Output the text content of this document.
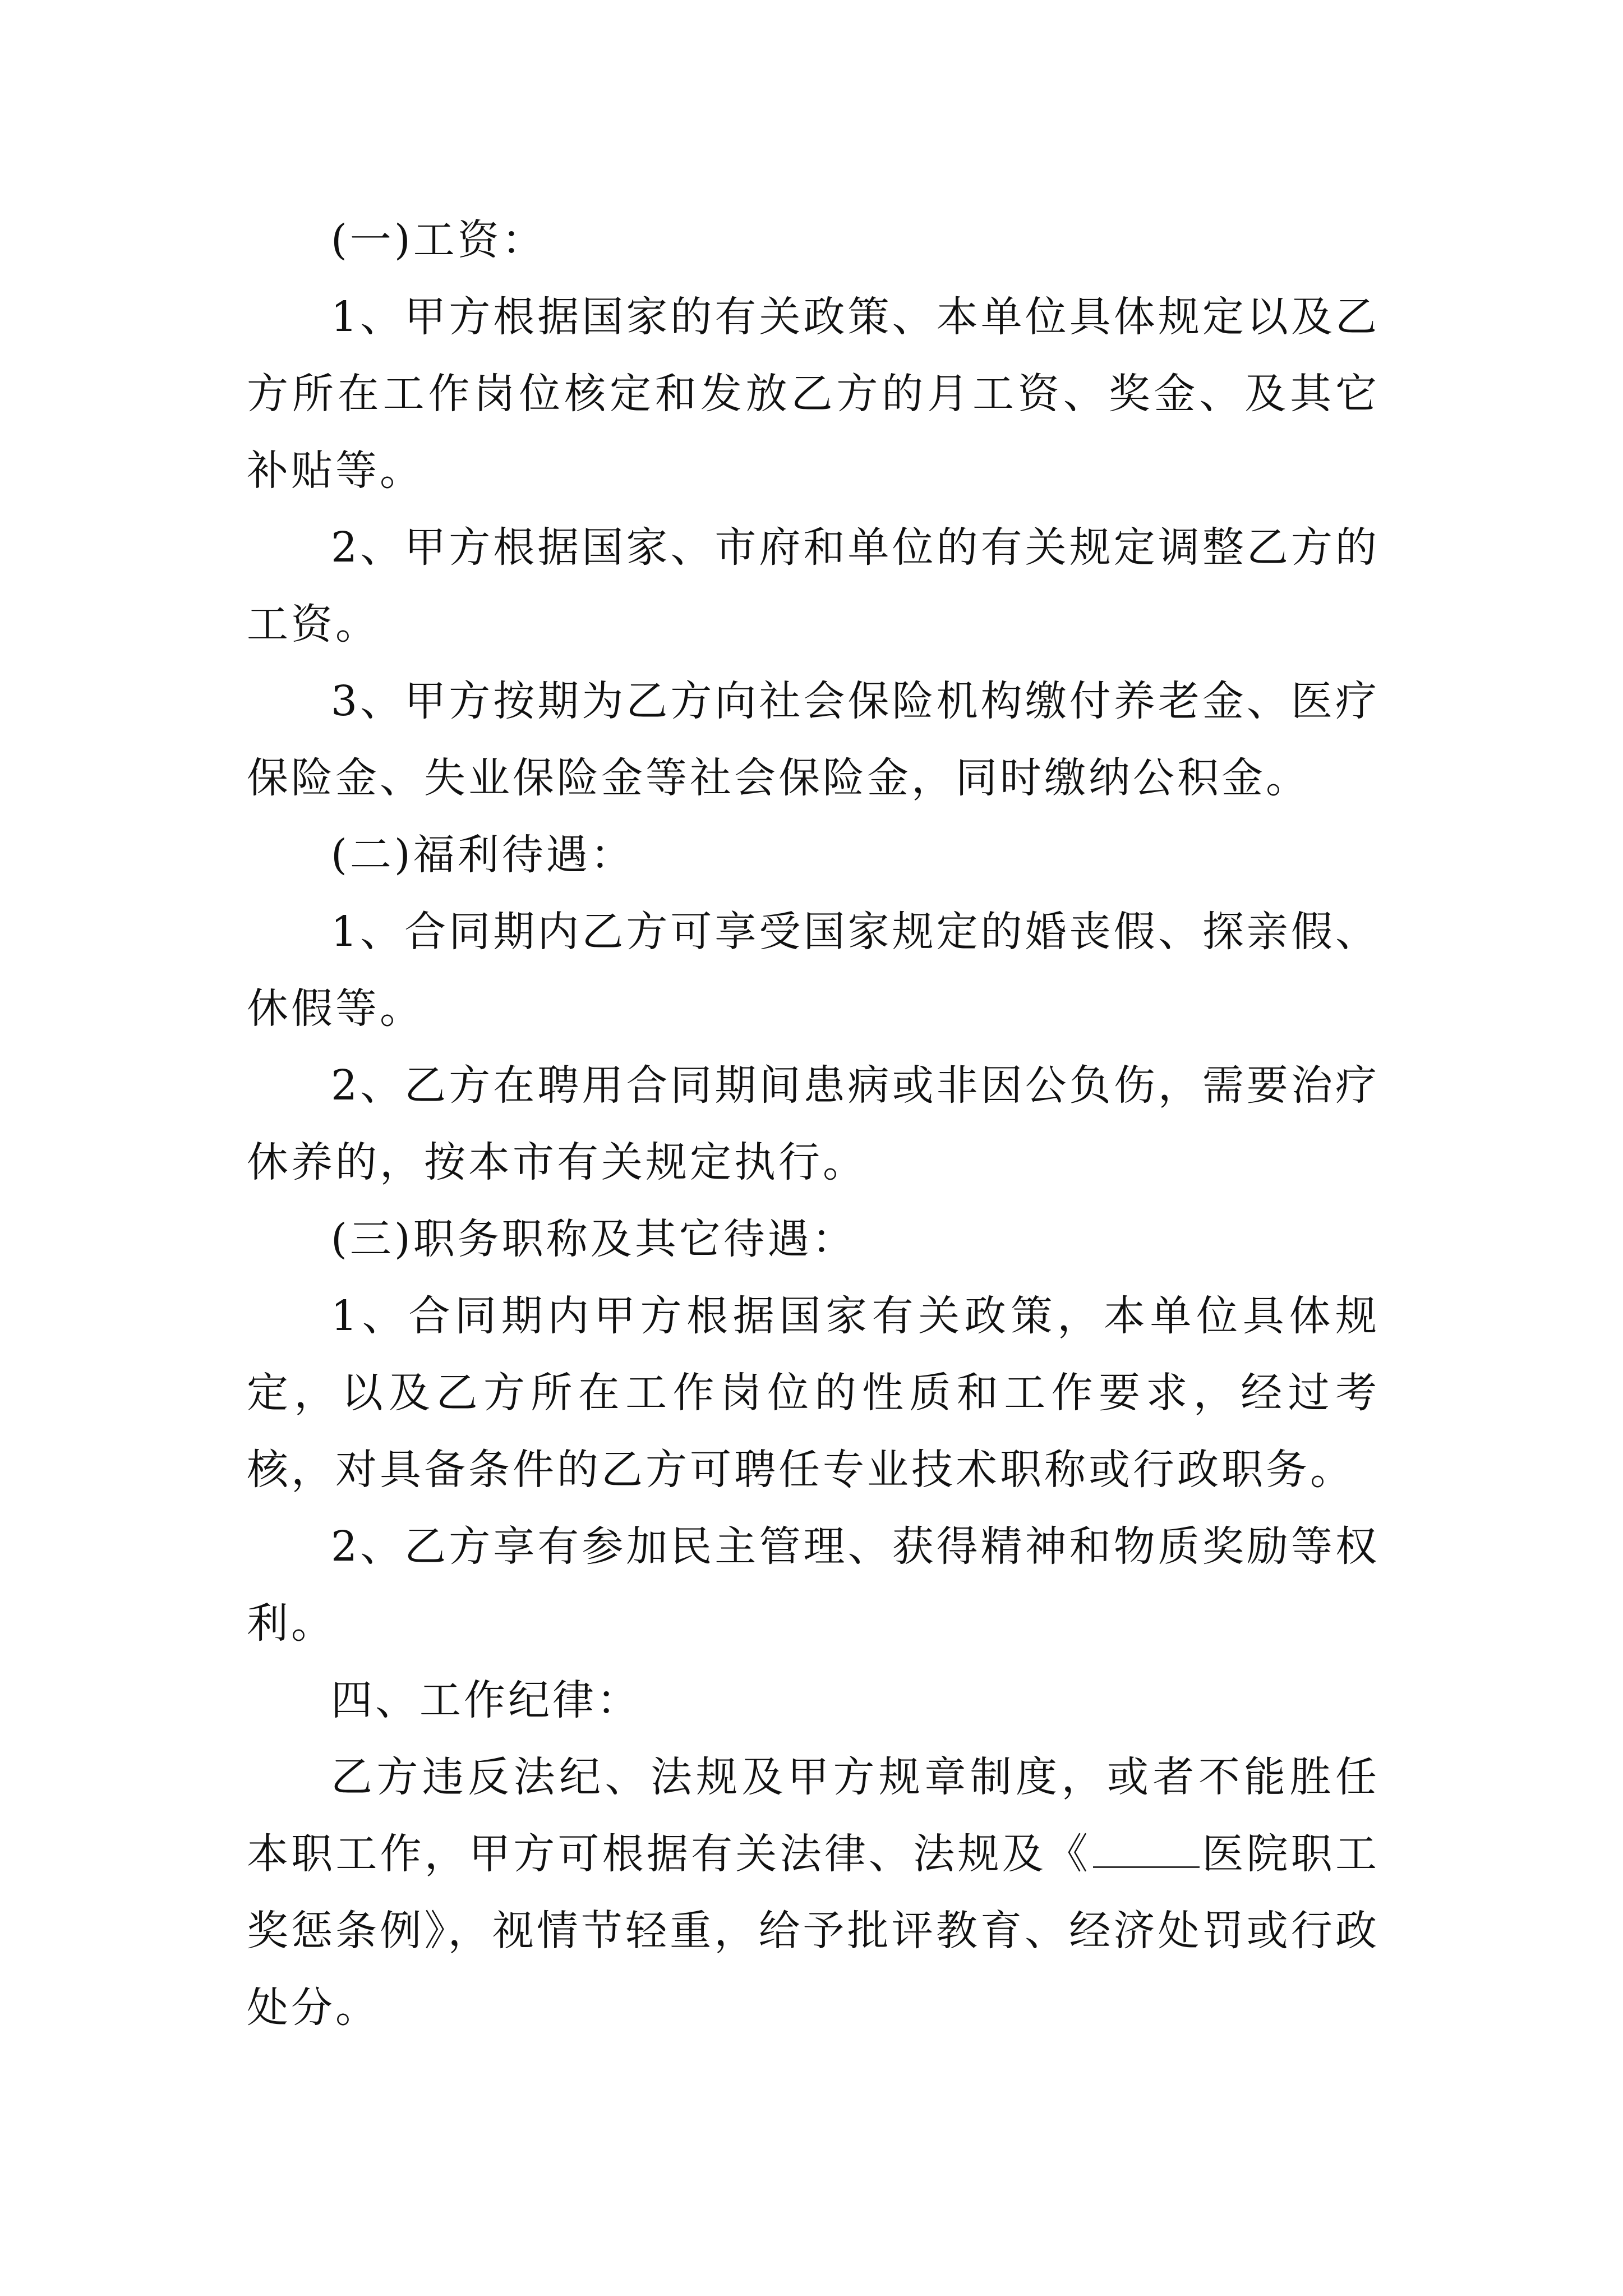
(一)工资：

1、甲方根据国家的有关政策、本单位具体规定以及乙方所在工作岗位核定和发放乙方的月工资、奖金、及其它补贴等。

2、甲方根据国家、市府和单位的有关规定调整乙方的工资。

3、甲方按期为乙方向社会保险机构缴付养老金、医疗保险金、失业保险金等社会保险金，同时缴纳公积金。

(二)福利待遇：

1、合同期内乙方可享受国家规定的婚丧假、探亲假、休假等。

2、乙方在聘用合同期间患病或非因公负伤，需要治疗休养的，按本市有关规定执行。

(三)职务职称及其它待遇：

1、合同期内甲方根据国家有关政策，本单位具体规定，以及乙方所在工作岗位的性质和工作要求，经过考核，对具备条件的乙方可聘任专业技术职称或行政职务。

2、乙方享有参加民主管理、获得精神和物质奖励等权利。

四、工作纪律：

乙方违反法纪、法规及甲方规章制度，或者不能胜任本职工作，甲方可根据有关法律、法规及《	医院职工奖惩条例》，视情节轻重，给予批评教育、经济处罚或行政处分。
